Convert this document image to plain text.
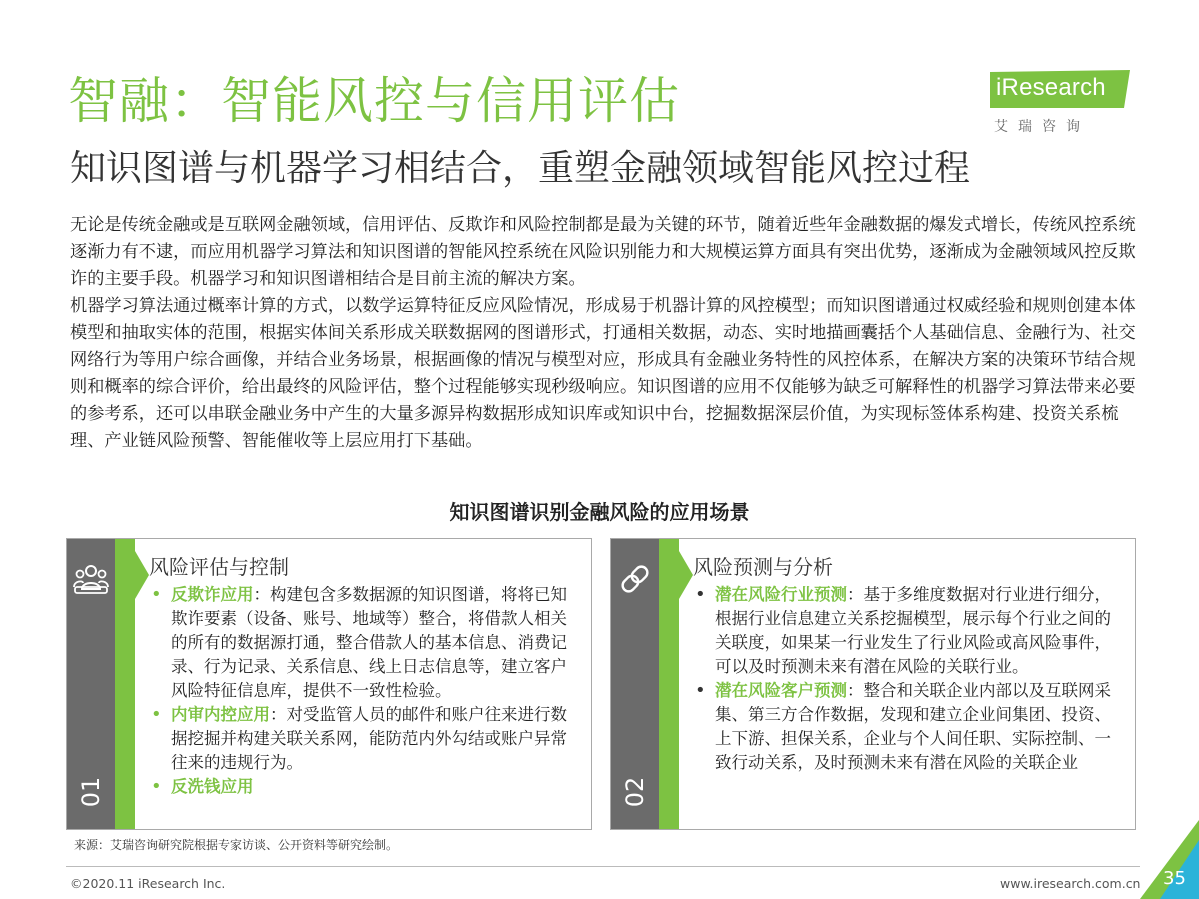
智融：智能风控与信用评估	iResearch
艾瑞咨询
知识图谱与机器学习相结合，重塑金融领域智能风控过程

无论是传统金融或是互联网金融领域，信用评估、反欺诈和风险控制都是最为关键的环节，随着近些年金融数据的爆发式增长，传统风控系统逐渐力有不逮，而应用机器学习算法和知识图谱的智能风控系统在风险识别能力和大规模运算方面具有突出优势，逐渐成为金融领域风控反欺诈的主要手段。机器学习和知识图谱相结合是目前主流的解决方案。

机器学习算法通过概率计算的方式，以数学运算特征反应风险情况，形成易于机器计算的风控模型；而知识图谱通过权威经验和规则创建本体模型和抽取实体的范围，根据实体间关系形成关联数据网的图谱形式，打通相关数据，动态、实时地描画囊括个人基础信息、金融行为、社交网络行为等用户综合画像，并结合业务场景，根据画像的情况与模型对应，形成具有金融业务特性的风控体系，在解决方案的决策环节结合规则和概率的综合评价，给出最终的风险评估，整个过程能够实现秒级响应。知识图谱的应用不仅能够为缺乏可解释性的机器学习算法带来必要的参考系，还可以串联金融业务中产生的大量多源异构数据形成知识库或知识中台，挖掘数据深层价值，为实现标签体系构建、投资关系梳理、产业链风险预警、智能催收等上层应用打下基础。

知识图谱识别金融风险的应用场景
01
风险评估与控制
• 反欺诈应用：构建包含多数据源的知识图谱，将将已知欺诈要素（设备、账号、地域等）整合，将借款人相关的所有的数据源打通，整合借款人的基本信息、消费记录、行为记录、关系信息、线上日志信息等，建立客户风险特征信息库，提供不一致性检验。
• 内审内控应用：对受监管人员的邮件和账户往来进行数据挖掘并构建关联关系网，能防范内外勾结或账户异常往来的违规行为。
• 反洗钱应用	02
风险预测与分析
• 潜在风险行业预测：基于多维度数据对行业进行细分，根据行业信息建立关系挖掘模型，展示每个行业之间的关联度，如果某一行业发生了行业风险或高风险事件，可以及时预测未来有潜在风险的关联行业。
• 潜在风险客户预测：整合和关联企业内部以及互联网采集、第三方合作数据，发现和建立企业间集团、投资、上下游、担保关系，企业与个人间任职、实际控制、一致行动关系，及时预测未来有潜在风险的关联企业
来源：艾瑞咨询研究院根据专家访谈、公开资料等研究绘制。
©2020.11 iResearch Inc.	www.iresearch.com.cn 35
